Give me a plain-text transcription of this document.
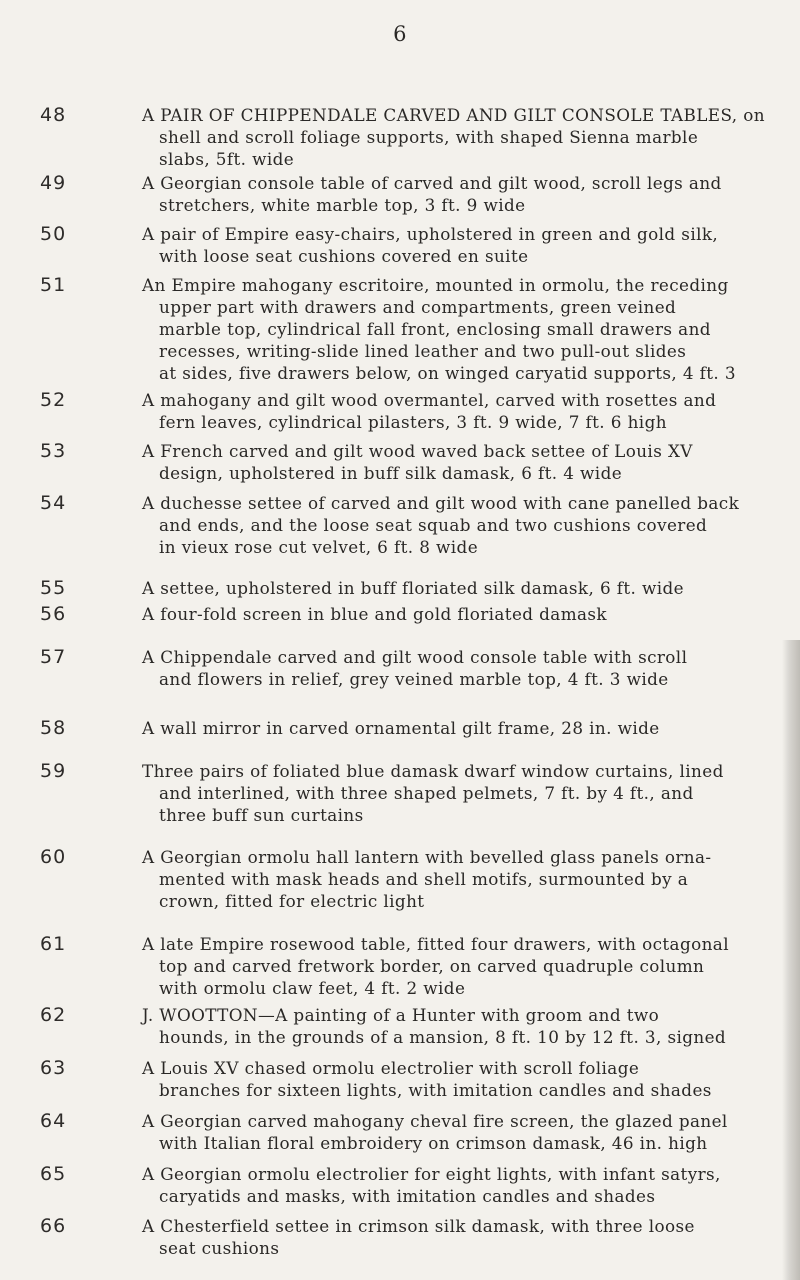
6
48	A PAIR OF CHIPPENDALE CARVED AND GILT CONSOLE TABLES, on
shell and scroll foliage supports, with shaped Sienna marble
slabs, 5ft. wide
49	A Georgian console table of carved and gilt wood, scroll legs and
stretchers, white marble top, 3 ft. 9 wide
50	A pair of Empire easy-chairs, upholstered in green and gold silk,
with loose seat cushions covered en suite
51	An Empire mahogany escritoire, mounted in ormolu, the receding
upper part with drawers and compartments, green veined
marble top, cylindrical fall front, enclosing small drawers and
recesses, writing-slide lined leather and two pull-out slides
at sides, five drawers below, on winged caryatid supports, 4 ft. 3
52	A mahogany and gilt wood overmantel, carved with rosettes and
fern leaves, cylindrical pilasters, 3 ft. 9 wide, 7 ft. 6 high
53	A French carved and gilt wood waved back settee of Louis XV
design, upholstered in buff silk damask, 6 ft. 4 wide
54	A duchesse settee of carved and gilt wood with cane panelled back
and ends, and the loose seat squab and two cushions covered
in vieux rose cut velvet, 6 ft. 8 wide
55	A settee, upholstered in buff floriated silk damask, 6 ft. wide
56	A four-fold screen in blue and gold floriated damask
57	A Chippendale carved and gilt wood console table with scroll
and flowers in relief, grey veined marble top, 4 ft. 3 wide
58	A wall mirror in carved ornamental gilt frame, 28 in. wide
59	Three pairs of foliated blue damask dwarf window curtains, lined
and interlined, with three shaped pelmets, 7 ft. by 4 ft., and
three buff sun curtains
60	A Georgian ormolu hall lantern with bevelled glass panels orna-
mented with mask heads and shell motifs, surmounted by a
crown, fitted for electric light
61	A late Empire rosewood table, fitted four drawers, with octagonal
top and carved fretwork border, on carved quadruple column
with ormolu claw feet, 4 ft. 2 wide
62	J. WOOTTON—A painting of a Hunter with groom and two
hounds, in the grounds of a mansion, 8 ft. 10 by 12 ft. 3, signed
63	A Louis XV chased ormolu electrolier with scroll foliage
branches for sixteen lights, with imitation candles and shades
64	A Georgian carved mahogany cheval fire screen, the glazed panel
with Italian floral embroidery on crimson damask, 46 in. high
65	A Georgian ormolu electrolier for eight lights, with infant satyrs,
caryatids and masks, with imitation candles and shades
66	A Chesterfield settee in crimson silk damask, with three loose
seat cushions
